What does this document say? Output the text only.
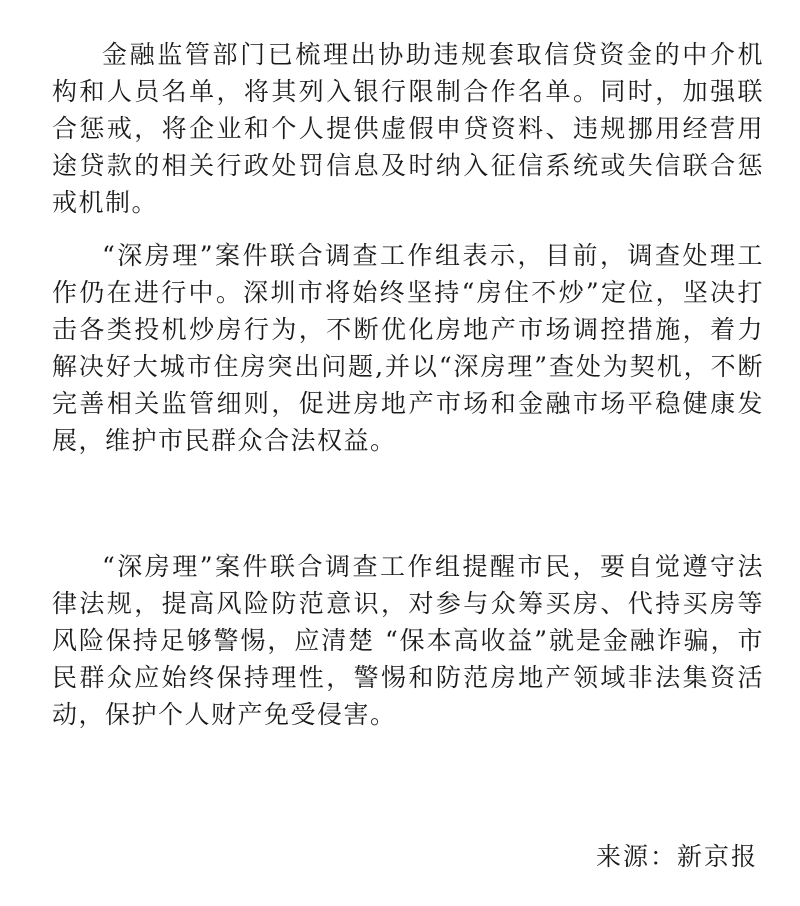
金融监管部门已梳理出协助违规套取信贷资金的中介机构和人员名单，将其列入银行限制合作名单。同时，加强联合惩戒，将企业和个人提供虚假申贷资料、违规挪用经营用途贷款的相关行政处罚信息及时纳入征信系统或失信联合惩戒机制。

“深房理”案件联合调查工作组表示，目前，调查处理工作仍在进行中。深圳市将始终坚持“房住不炒”定位，坚决打击各类投机炒房行为，不断优化房地产市场调控措施，着力解决好大城市住房突出问题,并以“深房理”查处为契机，不断完善相关监管细则，促进房地产市场和金融市场平稳健康发展，维护市民群众合法权益。

“深房理”案件联合调查工作组提醒市民，要自觉遵守法律法规，提高风险防范意识，对参与众筹买房、代持买房等风险保持足够警惕，应清楚 “保本高收益”就是金融诈骗，市民群众应始终保持理性，警惕和防范房地产领域非法集资活动，保护个人财产免受侵害。

来源：新京报
